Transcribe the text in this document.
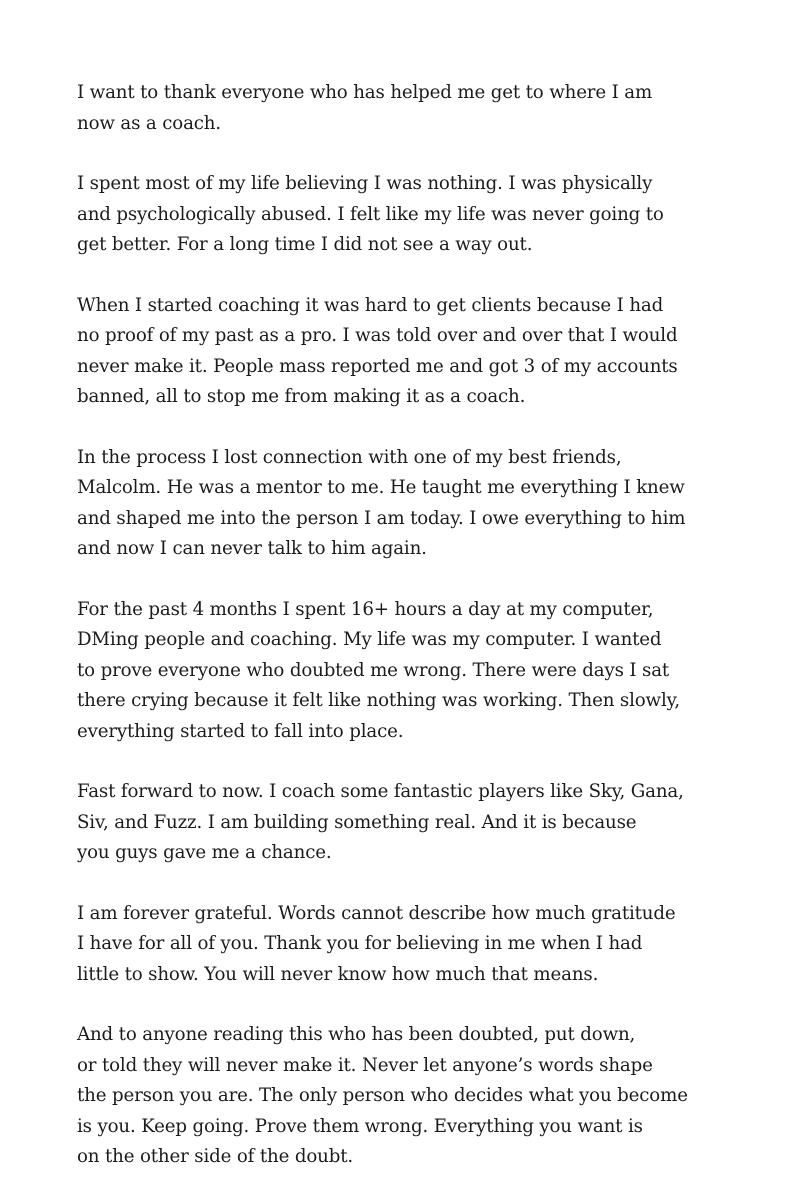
I want to thank everyone who has helped me get to where I am
now as a coach.

I spent most of my life believing I was nothing. I was physically
and psychologically abused. I felt like my life was never going to
get better. For a long time I did not see a way out.

When I started coaching it was hard to get clients because I had
no proof of my past as a pro. I was told over and over that I would
never make it. People mass reported me and got 3 of my accounts
banned, all to stop me from making it as a coach.

In the process I lost connection with one of my best friends,
Malcolm. He was a mentor to me. He taught me everything I knew
and shaped me into the person I am today. I owe everything to him
and now I can never talk to him again.

For the past 4 months I spent 16+ hours a day at my computer,
DMing people and coaching. My life was my computer. I wanted
to prove everyone who doubted me wrong. There were days I sat
there crying because it felt like nothing was working. Then slowly,
everything started to fall into place.

Fast forward to now. I coach some fantastic players like Sky, Gana,
Siv, and Fuzz. I am building something real. And it is because
you guys gave me a chance.

I am forever grateful. Words cannot describe how much gratitude
I have for all of you. Thank you for believing in me when I had
little to show. You will never know how much that means.

And to anyone reading this who has been doubted, put down,
or told they will never make it. Never let anyone’s words shape
the person you are. The only person who decides what you become
is you. Keep going. Prove them wrong. Everything you want is
on the other side of the doubt.
